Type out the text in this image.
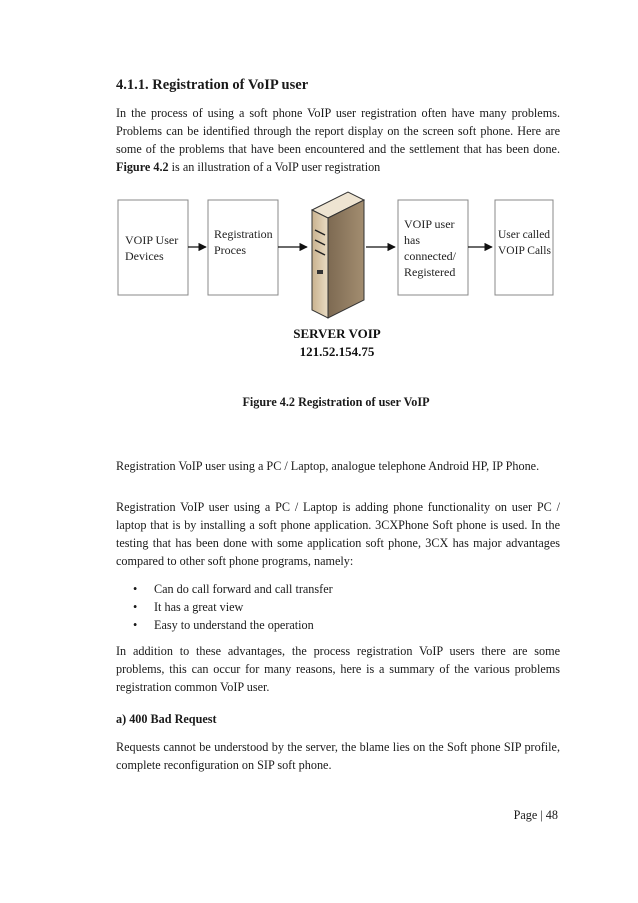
4.1.1. Registration of VoIP user

In the process of using a soft phone VoIP user registration often have many problems. Problems can be identified through the report display on the screen soft phone. Here are some of the problems that have been encountered and the settlement that has been done. Figure 4.2 is an illustration of a VoIP user registration

VOIP User Devices
Registration Proces
VOIP user has connected/ Registered
User called VOIP Calls
SERVER VOIP
121.52.154.75
Figure 4.2 Registration of user VoIP

Registration VoIP user using a PC / Laptop, analogue telephone Android HP, IP Phone.

Registration VoIP user using a PC / Laptop is adding phone functionality on user PC / laptop that is by installing a soft phone application. 3CXPhone Soft phone is used. In the testing that has been done with some application soft phone, 3CX has major advantages compared to other soft phone programs, namely:

• Can do call forward and call transfer
• It has a great view
• Easy to understand the operation

In addition to these advantages, the process registration VoIP users there are some problems, this can occur for many reasons, here is a summary of the various problems registration common VoIP user.

a) 400 Bad Request

Requests cannot be understood by the server, the blame lies on the Soft phone SIP profile, complete reconfiguration on SIP soft phone.

Page | 48
